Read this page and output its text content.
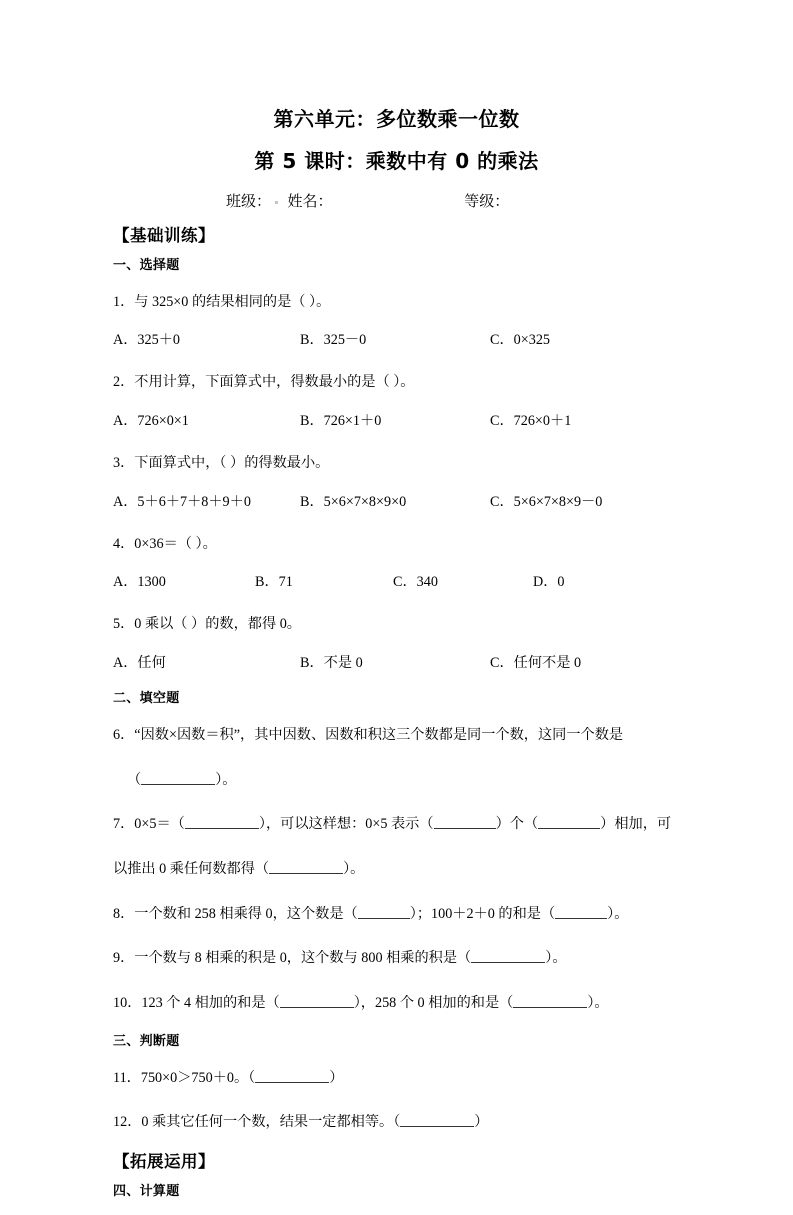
第六单元：多位数乘一位数
第 5 课时：乘数中有 0 的乘法
班级： 姓名：	等级：
【基础训练】
一、选择题
1．与 325×0 的结果相同的是（ ）。
A．325＋0	B．325－0	C．0×325
2．不用计算，下面算式中，得数最小的是（ ）。
A．726×0×1	B．726×1＋0	C．726×0＋1
3．下面算式中，（ ）的得数最小。
A．5＋6＋7＋8＋9＋0	B．5×6×7×8×9×0	C．5×6×7×8×9－0
4．0×36＝（ ）。
A．1300	B．71	C．340	D．0
5．0 乘以（ ）的数，都得 0。
A．任何	B．不是 0	C．任何不是 0
二、填空题
6．“因数×因数＝积”，其中因数、因数和积这三个数都是同一个数，这同一个数是
（	）。
7．0×5＝（	），可以这样想：0×5 表示（	）个（	）相加，可
以推出 0 乘任何数都得（	）。
8．一个数和 258 相乘得 0，这个数是（	）；100＋2＋0 的和是（	）。
9．一个数与 8 相乘的积是 0，这个数与 800 相乘的积是（	）。
10．123 个 4 相加的和是（	），258 个 0 相加的和是（	）。
三、判断题
11．750×0＞750＋0。（	）
12．0 乘其它任何一个数，结果一定都相等。（	）
【拓展运用】
四、计算题
